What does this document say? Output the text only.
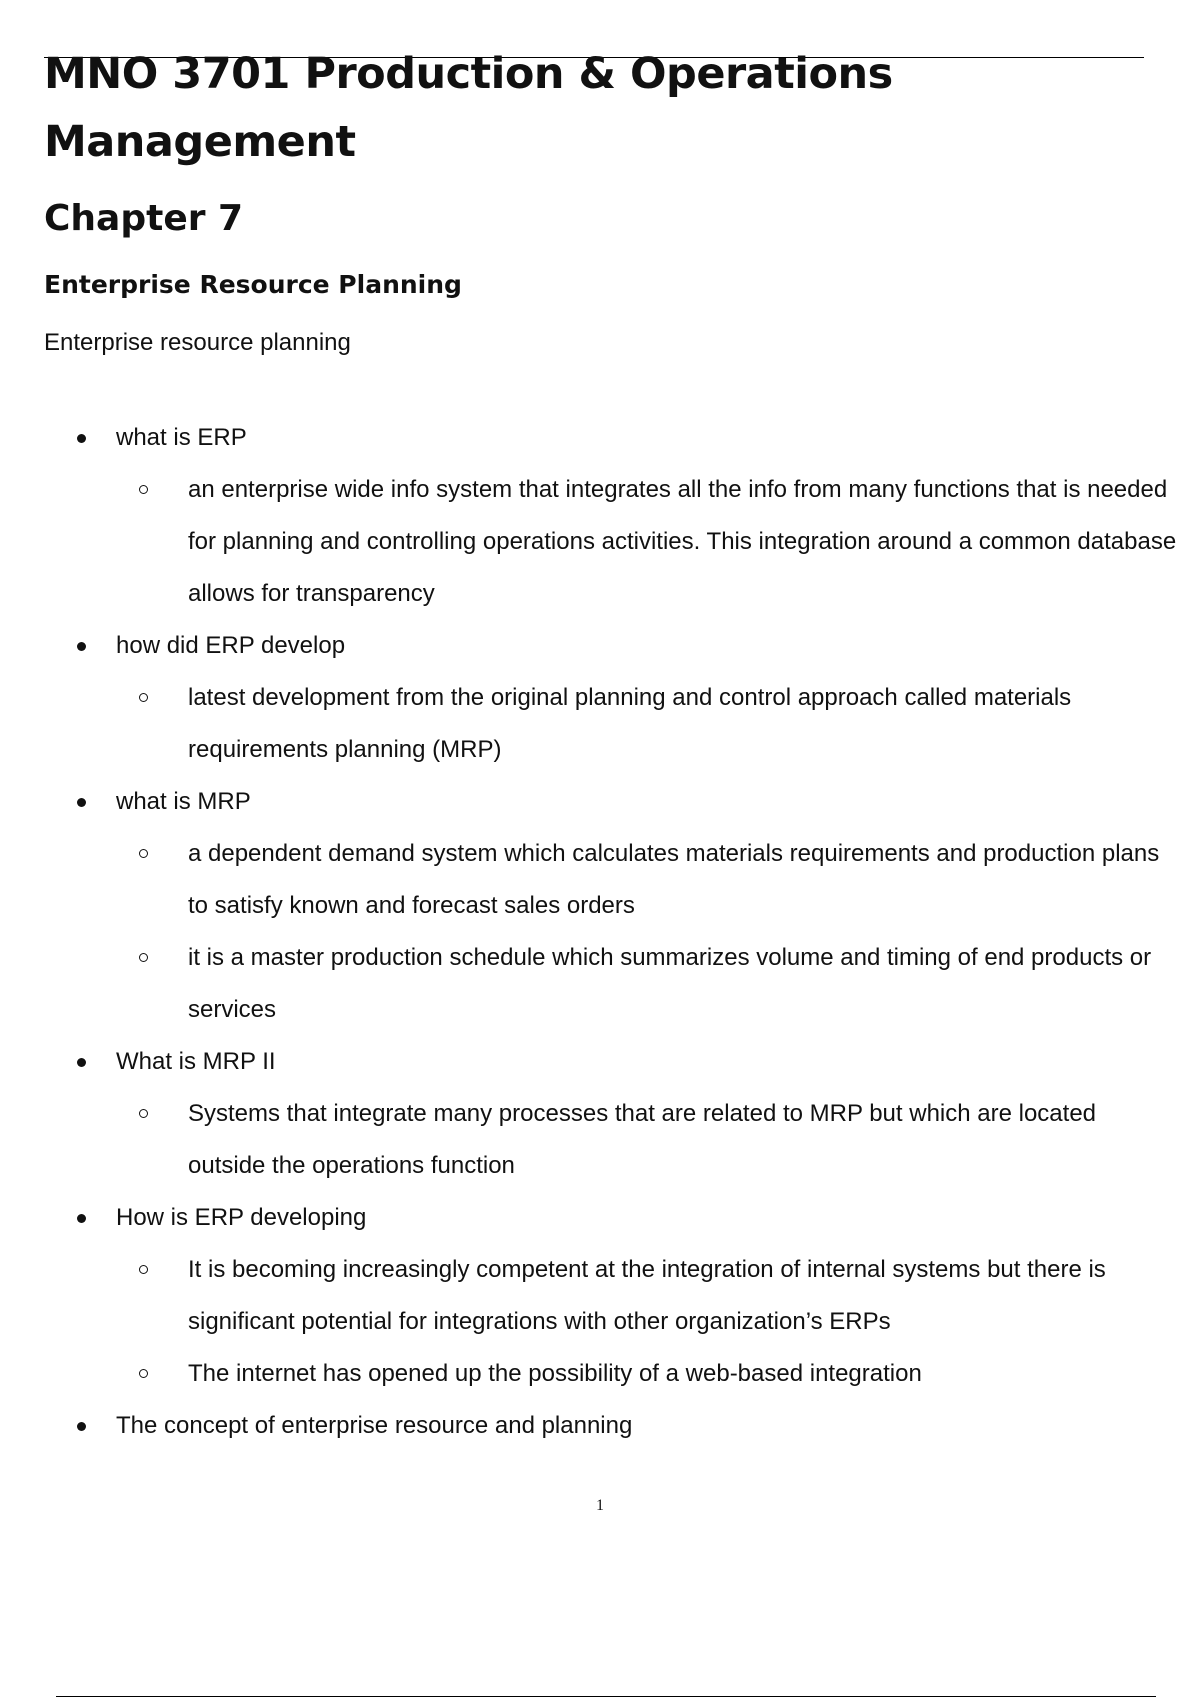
MNO 3701 Production & Operations Management
Chapter 7
Enterprise Resource Planning

Enterprise resource planning

what is ERP
an enterprise wide info system that integrates all the info from many functions that is needed for planning and controlling operations activities. This integration around a common database allows for transparency
how did ERP develop
latest development from the original planning and control approach called materials requirements planning (MRP)
what is MRP
a dependent demand system which calculates materials requirements and production plans to satisfy known and forecast sales orders
it is a master production schedule which summarizes volume and timing of end products or services
What is MRP II
Systems that integrate many processes that are related to MRP but which are located outside the operations function
How is ERP developing
It is becoming increasingly competent at the integration of internal systems but there is significant potential for integrations with other organization’s ERPs
The internet has opened up the possibility of a web-based integration
The concept of enterprise resource and planning
1
